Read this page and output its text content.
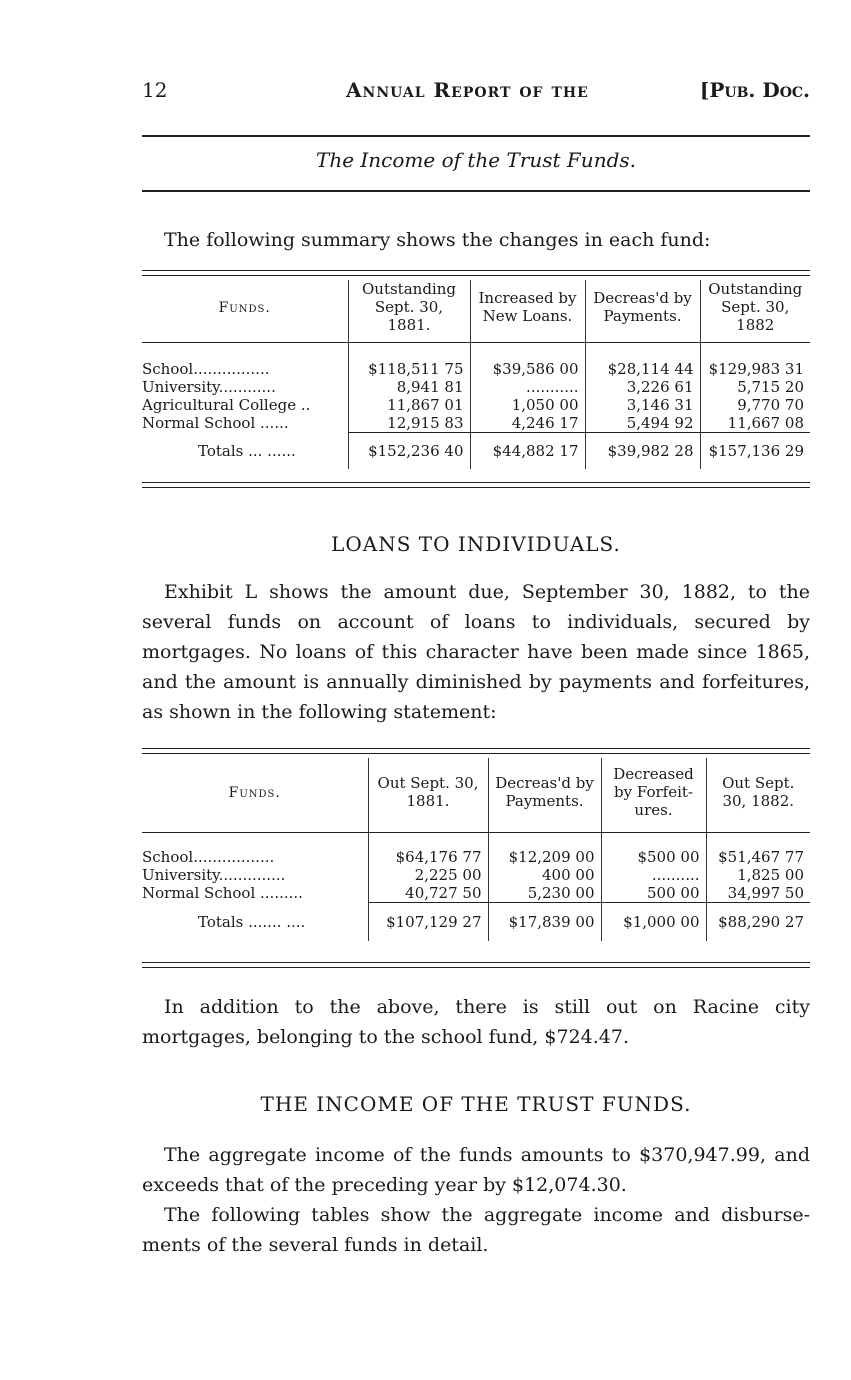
12	Annual Report of the	[Pub. Doc.
The Income of the Trust Funds.
The following summary shows the changes in each fund:
Funds.	Outstanding Sept. 30, 1881.	Increased by New Loans.	Decreas'd by Payments.	Outstanding Sept. 30, 1882

School................	$118,511 75	$39,586 00	$28,114 44	$129,983 31
University............	8,941 81	...........	3,226 61	5,715 20
Agricultural College ..	11,867 01	1,050 00	3,146 31	9,770 70
Normal School ......	12,915 83	4,246 17	5,494 92	11,667 08
Totals ... ......	$152,236 40	$44,882 17	$39,982 28	$157,136 29
LOANS TO INDIVIDUALS.
Exhibit L shows the amount due, September 30, 1882, to the
several funds on account of loans to individuals, secured by
mortgages. No loans of this character have been made since 1865,
and the amount is annually diminished by payments and forfeitures,
as shown in the following statement:
Funds.	Out Sept. 30, 1881.	Decreas'd by Payments.	Decreased by Forfeit-ures.	Out Sept. 30, 1882.

School.................	$64,176 77	$12,209 00	$500 00	$51,467 77
University..............	2,225 00	400 00	..........	1,825 00
Normal School .........	40,727 50	5,230 00	500 00	34,997 50
Totals ....... ....	$107,129 27	$17,839 00	$1,000 00	$88,290 27
In addition to the above, there is still out on Racine city
mortgages, belonging to the school fund, $724.47.
THE INCOME OF THE TRUST FUNDS.
The aggregate income of the funds amounts to $370,947.99, and
exceeds that of the preceding year by $12,074.30.
The following tables show the aggregate income and disburse-
ments of the several funds in detail.
